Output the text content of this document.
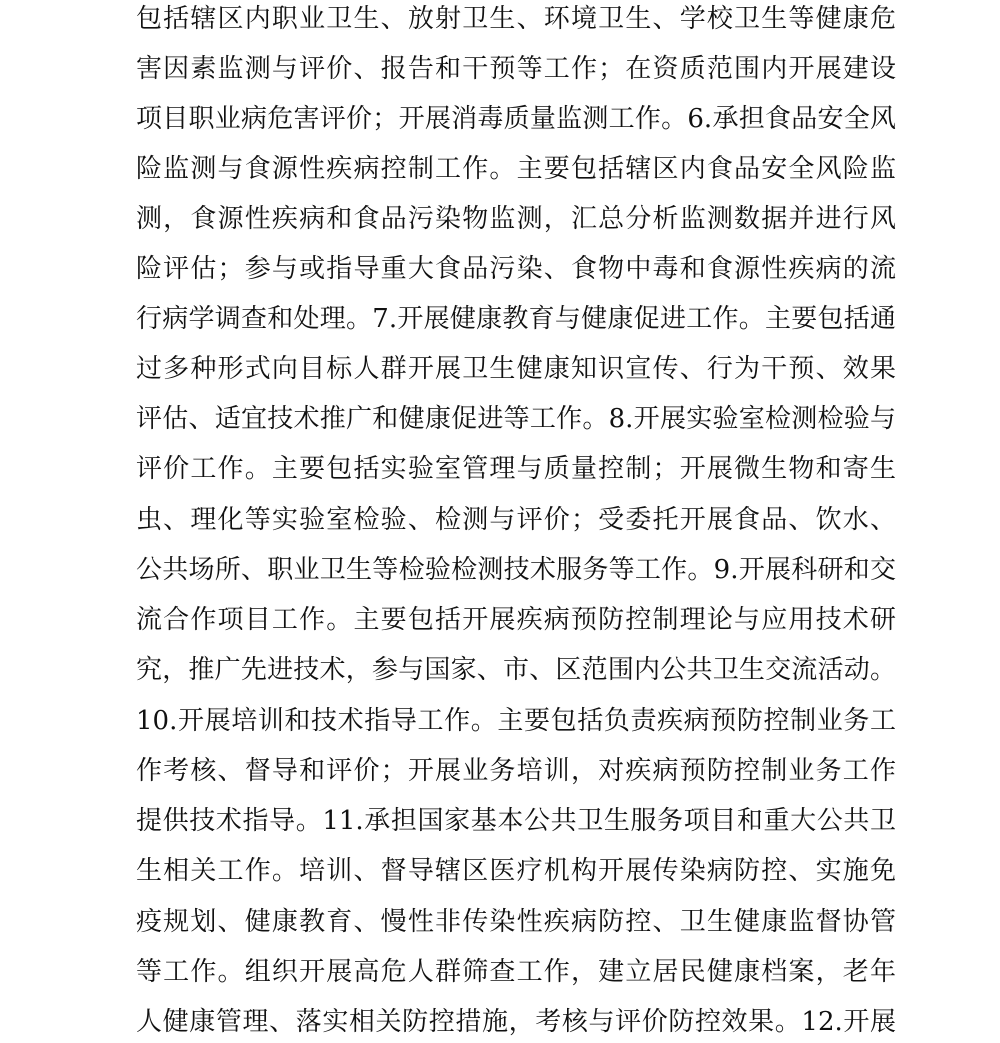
包括辖区内职业卫生、放射卫生、环境卫生、学校卫生等健康危
害因素监测与评价、报告和干预等工作；在资质范围内开展建设
项目职业病危害评价；开展消毒质量监测工作。6.承担食品安全风
险监测与食源性疾病控制工作。主要包括辖区内食品安全风险监
测，食源性疾病和食品污染物监测，汇总分析监测数据并进行风
险评估；参与或指导重大食品污染、食物中毒和食源性疾病的流
行病学调查和处理。7.开展健康教育与健康促进工作。主要包括通
过多种形式向目标人群开展卫生健康知识宣传、行为干预、效果
评估、适宜技术推广和健康促进等工作。8.开展实验室检测检验与
评价工作。主要包括实验室管理与质量控制；开展微生物和寄生
虫、理化等实验室检验、检测与评价；受委托开展食品、饮水、
公共场所、职业卫生等检验检测技术服务等工作。9.开展科研和交
流合作项目工作。主要包括开展疾病预防控制理论与应用技术研
究，推广先进技术，参与国家、市、区范围内公共卫生交流活动。
10.开展培训和技术指导工作。主要包括负责疾病预防控制业务工
作考核、督导和评价；开展业务培训，对疾病预防控制业务工作
提供技术指导。11.承担国家基本公共卫生服务项目和重大公共卫
生相关工作。培训、督导辖区医疗机构开展传染病防控、实施免
疫规划、健康教育、慢性非传染性疾病防控、卫生健康监督协管
等工作。组织开展高危人群筛查工作，建立居民健康档案，老年
人健康管理、落实相关防控措施，考核与评价防控效果。12.开展
